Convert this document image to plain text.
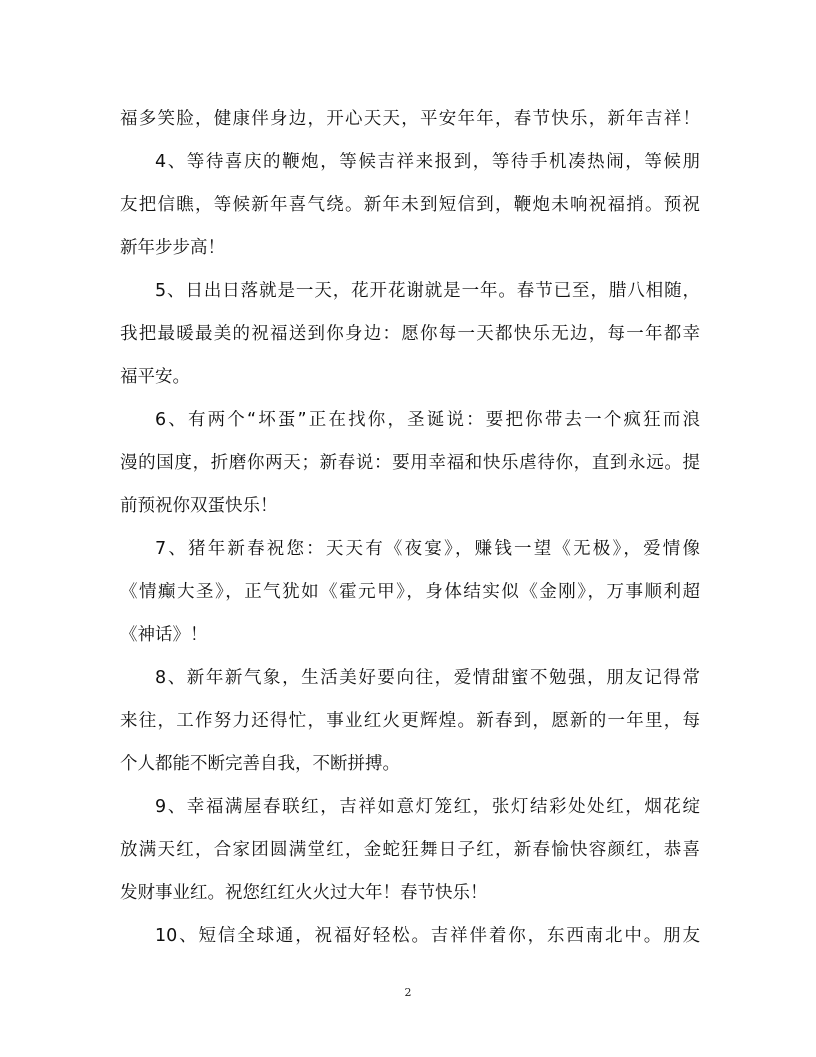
福多笑脸，健康伴身边，开心天天，平安年年，春节快乐，新年吉祥！
4、等待喜庆的鞭炮，等候吉祥来报到，等待手机凑热闹，等候朋
友把信瞧，等候新年喜气绕。新年未到短信到，鞭炮未响祝福捎。预祝
新年步步高！
5、日出日落就是一天，花开花谢就是一年。春节已至，腊八相随，
我把最暖最美的祝福送到你身边：愿你每一天都快乐无边，每一年都幸
福平安。
6、有两个“坏蛋”正在找你，圣诞说：要把你带去一个疯狂而浪
漫的国度，折磨你两天；新春说：要用幸福和快乐虐待你，直到永远。提
前预祝你双蛋快乐！
7、猪年新春祝您：天天有《夜宴》，赚钱一望《无极》，爱情像
《情癫大圣》，正气犹如《霍元甲》，身体结实似《金刚》，万事顺利超
《神话》！
8、新年新气象，生活美好要向往，爱情甜蜜不勉强，朋友记得常
来往，工作努力还得忙，事业红火更辉煌。新春到，愿新的一年里，每
个人都能不断完善自我，不断拼搏。
9、幸福满屋春联红，吉祥如意灯笼红，张灯结彩处处红，烟花绽
放满天红，合家团圆满堂红，金蛇狂舞日子红，新春愉快容颜红，恭喜
发财事业红。祝您红红火火过大年！春节快乐！
10、短信全球通，祝福好轻松。吉祥伴着你，东西南北中。朋友
2
